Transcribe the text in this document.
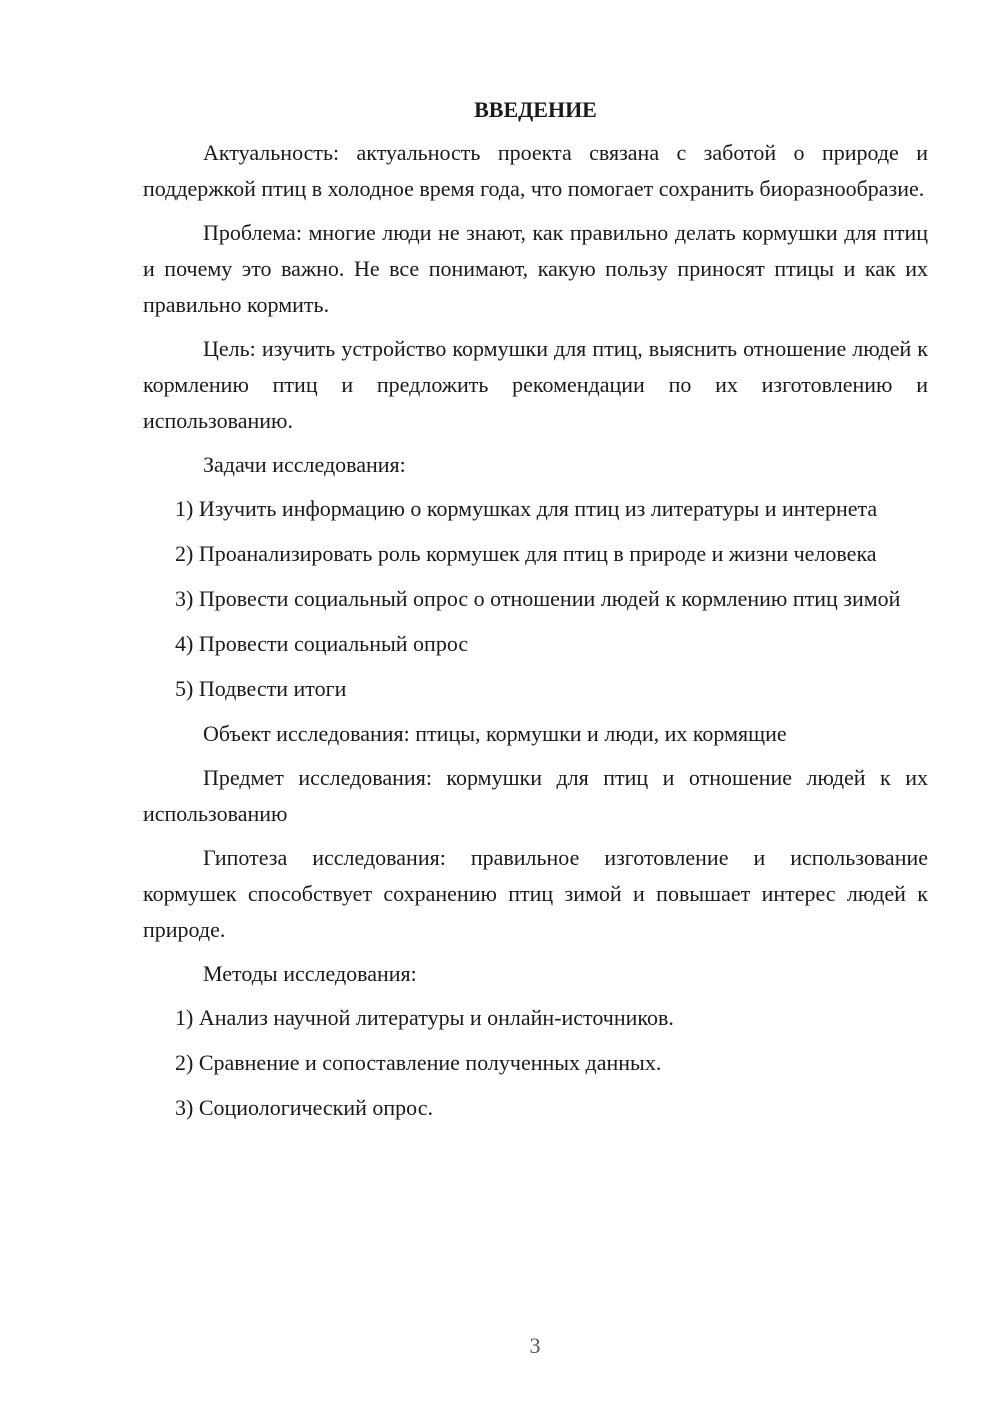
ВВЕДЕНИЕ

Актуальность: актуальность проекта связана с заботой о природе и поддержкой птиц в холодное время года, что помогает сохранить биоразнообразие.

Проблема: многие люди не знают, как правильно делать кормушки для птиц и почему это важно. Не все понимают, какую пользу приносят птицы и как их правильно кормить.

Цель: изучить устройство кормушки для птиц, выяснить отношение людей к кормлению птиц и предложить рекомендации по их изготовлению и использованию.

Задачи исследования:

1) Изучить информацию о кормушках для птиц из литературы и интернета

2) Проанализировать роль кормушек для птиц в природе и жизни человека

3) Провести социальный опрос о отношении людей к кормлению птиц зимой

4) Провести социальный опрос

5) Подвести итоги

Объект исследования: птицы, кормушки и люди, их кормящие

Предмет исследования: кормушки для птиц и отношение людей к их использованию

Гипотеза исследования: правильное изготовление и использование кормушек способствует сохранению птиц зимой и повышает интерес людей к природе.

Методы исследования:

1) Анализ научной литературы и онлайн-источников.

2) Сравнение и сопоставление полученных данных.

3) Социологический опрос.

3
